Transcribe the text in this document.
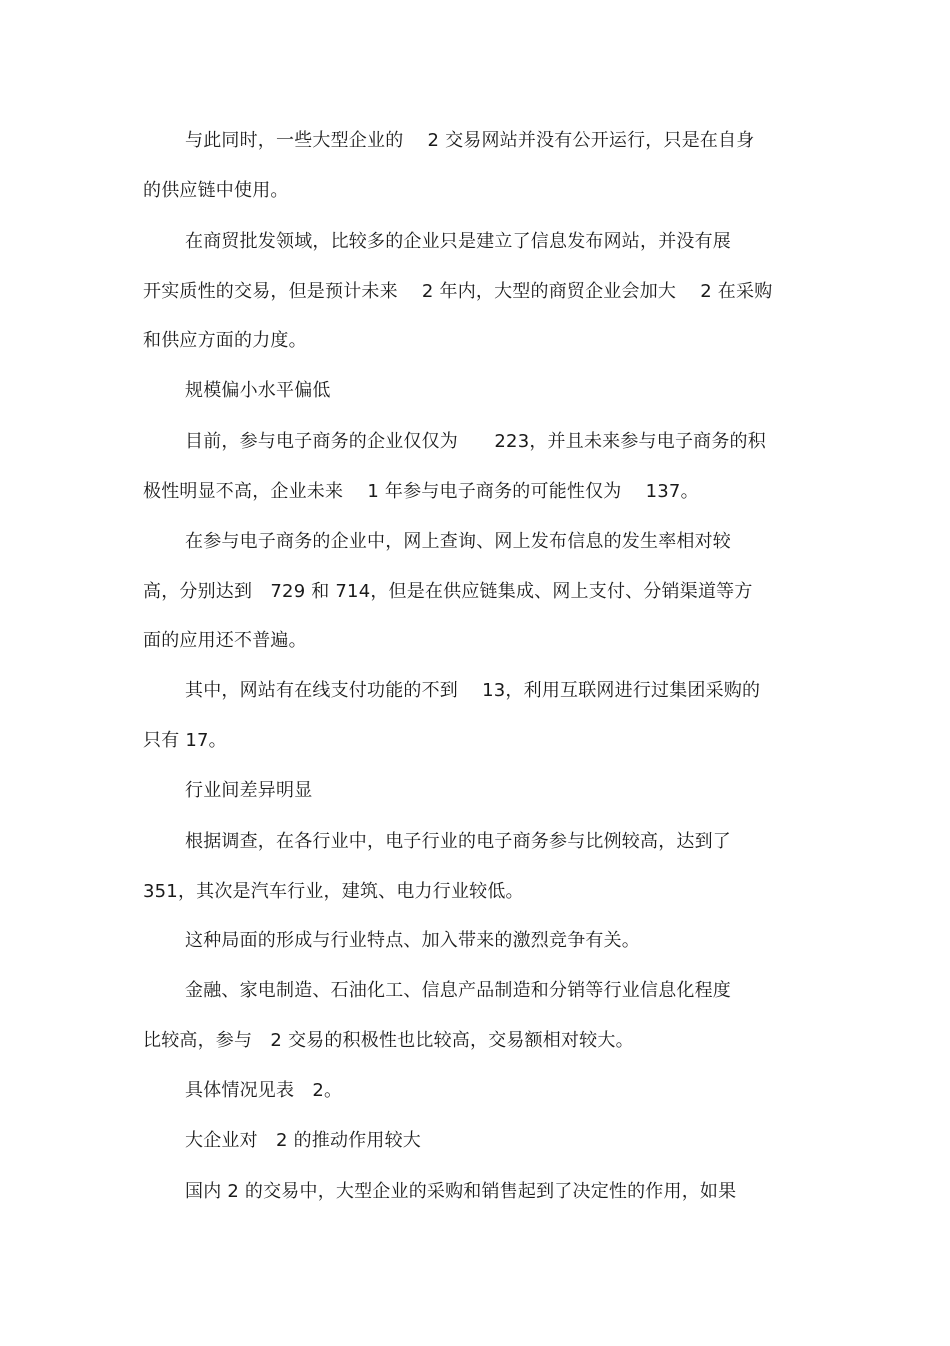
与此同时，一些大型企业的　 2 交易网站并没有公开运行，只是在自身
的供应链中使用。
在商贸批发领域，比较多的企业只是建立了信息发布网站，并没有展
开实质性的交易，但是预计未来　 2 年内，大型的商贸企业会加大　 2 在采购
和供应方面的力度。
规模偏小水平偏低
目前，参与电子商务的企业仅仅为　　223，并且未来参与电子商务的积
极性明显不高，企业未来　 1 年参与电子商务的可能性仅为　 137。
在参与电子商务的企业中，网上查询、网上发布信息的发生率相对较
高，分别达到　729 和 714，但是在供应链集成、网上支付、分销渠道等方
面的应用还不普遍。
其中，网站有在线支付功能的不到　 13，利用互联网进行过集团采购的
只有 17。
行业间差异明显
根据调查，在各行业中，电子行业的电子商务参与比例较高，达到了
351，其次是汽车行业，建筑、电力行业较低。
这种局面的形成与行业特点、加入带来的激烈竞争有关。
金融、家电制造、石油化工、信息产品制造和分销等行业信息化程度
比较高，参与　2 交易的积极性也比较高，交易额相对较大。
具体情况见表　2。
大企业对　2 的推动作用较大
国内 2 的交易中，大型企业的采购和销售起到了决定性的作用，如果
